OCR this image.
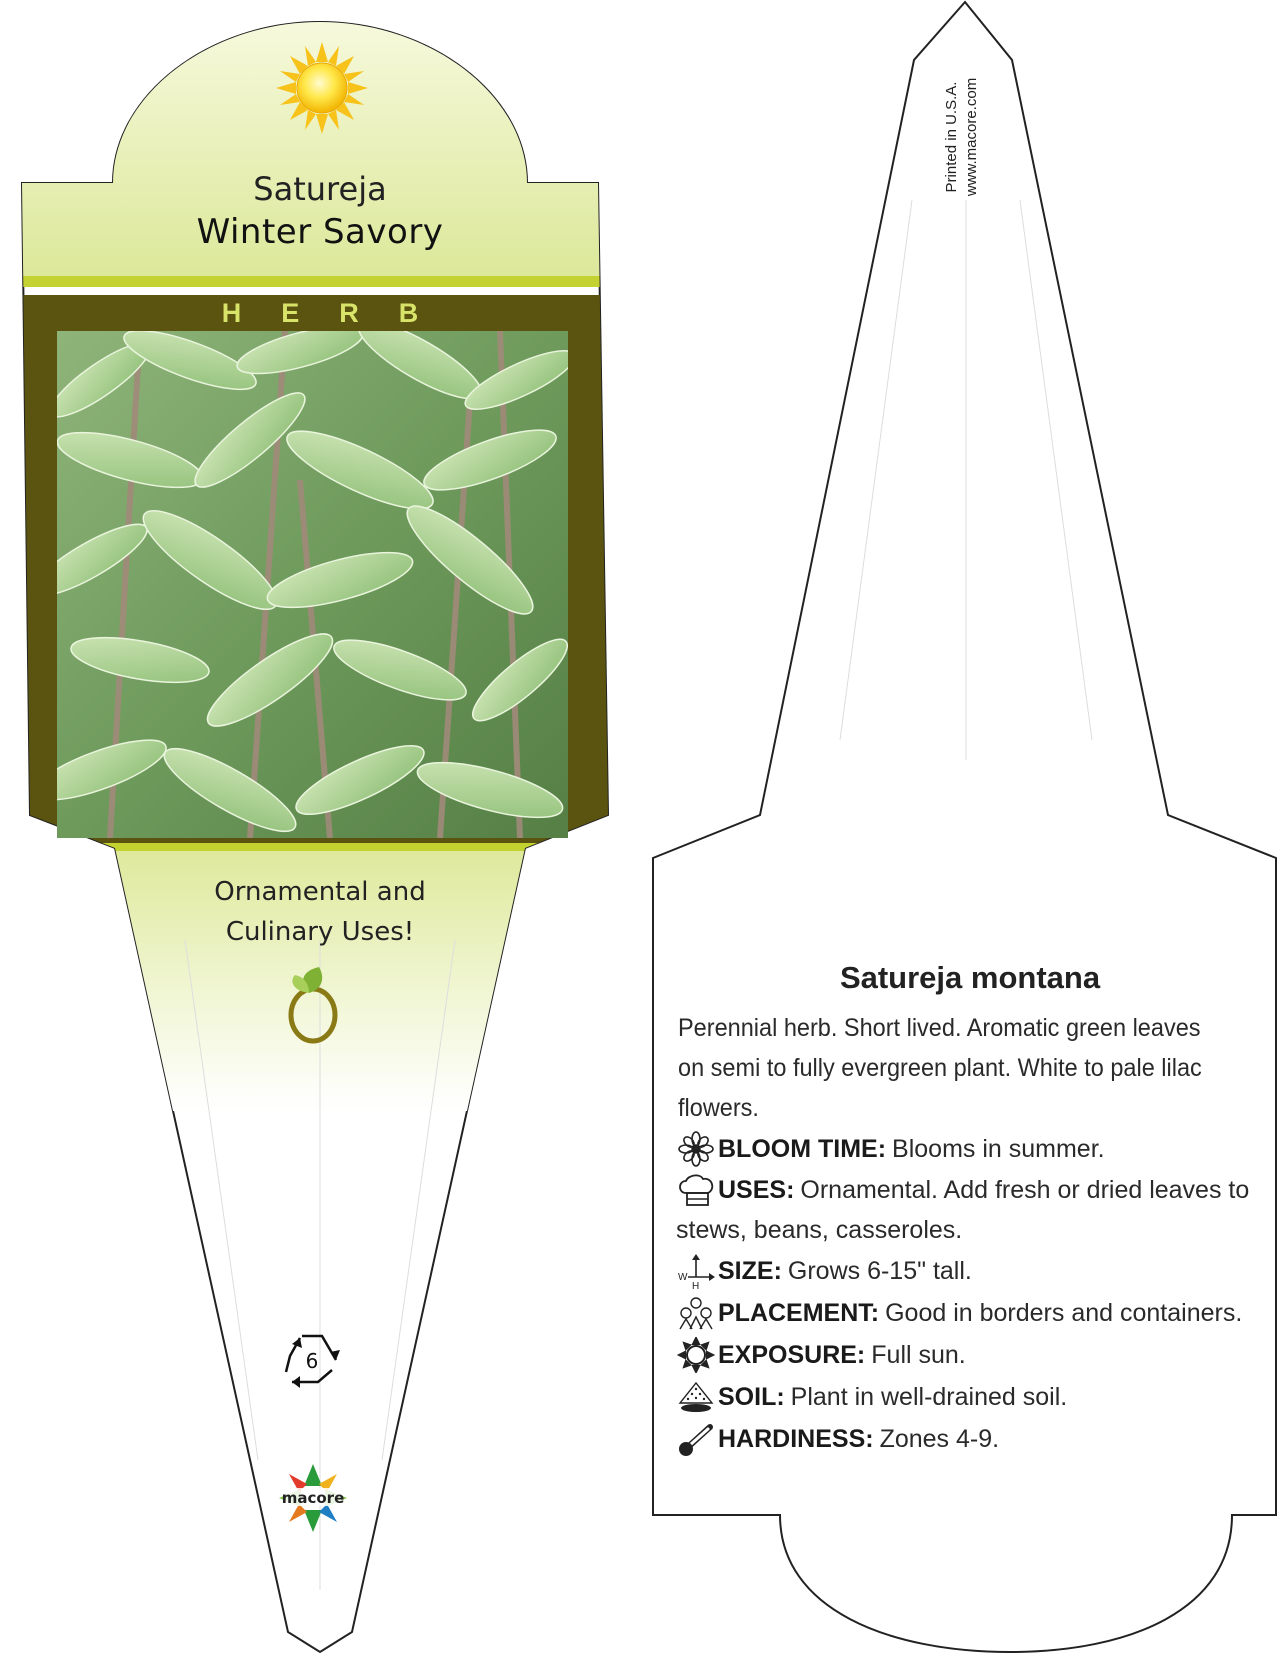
6
macore
Satureja
Winter Savory
HERB
Ornamental and
Culinary Uses!
Printed in U.S.A. www.macore.com
Satureja montana
Perennial herb. Short lived. Aromatic green leaves on semi to fully evergreen plant. White to pale lilac flowers.
BLOOM TIME: Blooms in summer.
USES: Ornamental. Add fresh or dried leaves to stews, beans, casseroles.
W
H
SIZE: Grows 6-15" tall.
PLACEMENT: Good in borders and containers.
EXPOSURE: Full sun.
SOIL: Plant in well-drained soil.
HARDINESS: Zones 4-9.
